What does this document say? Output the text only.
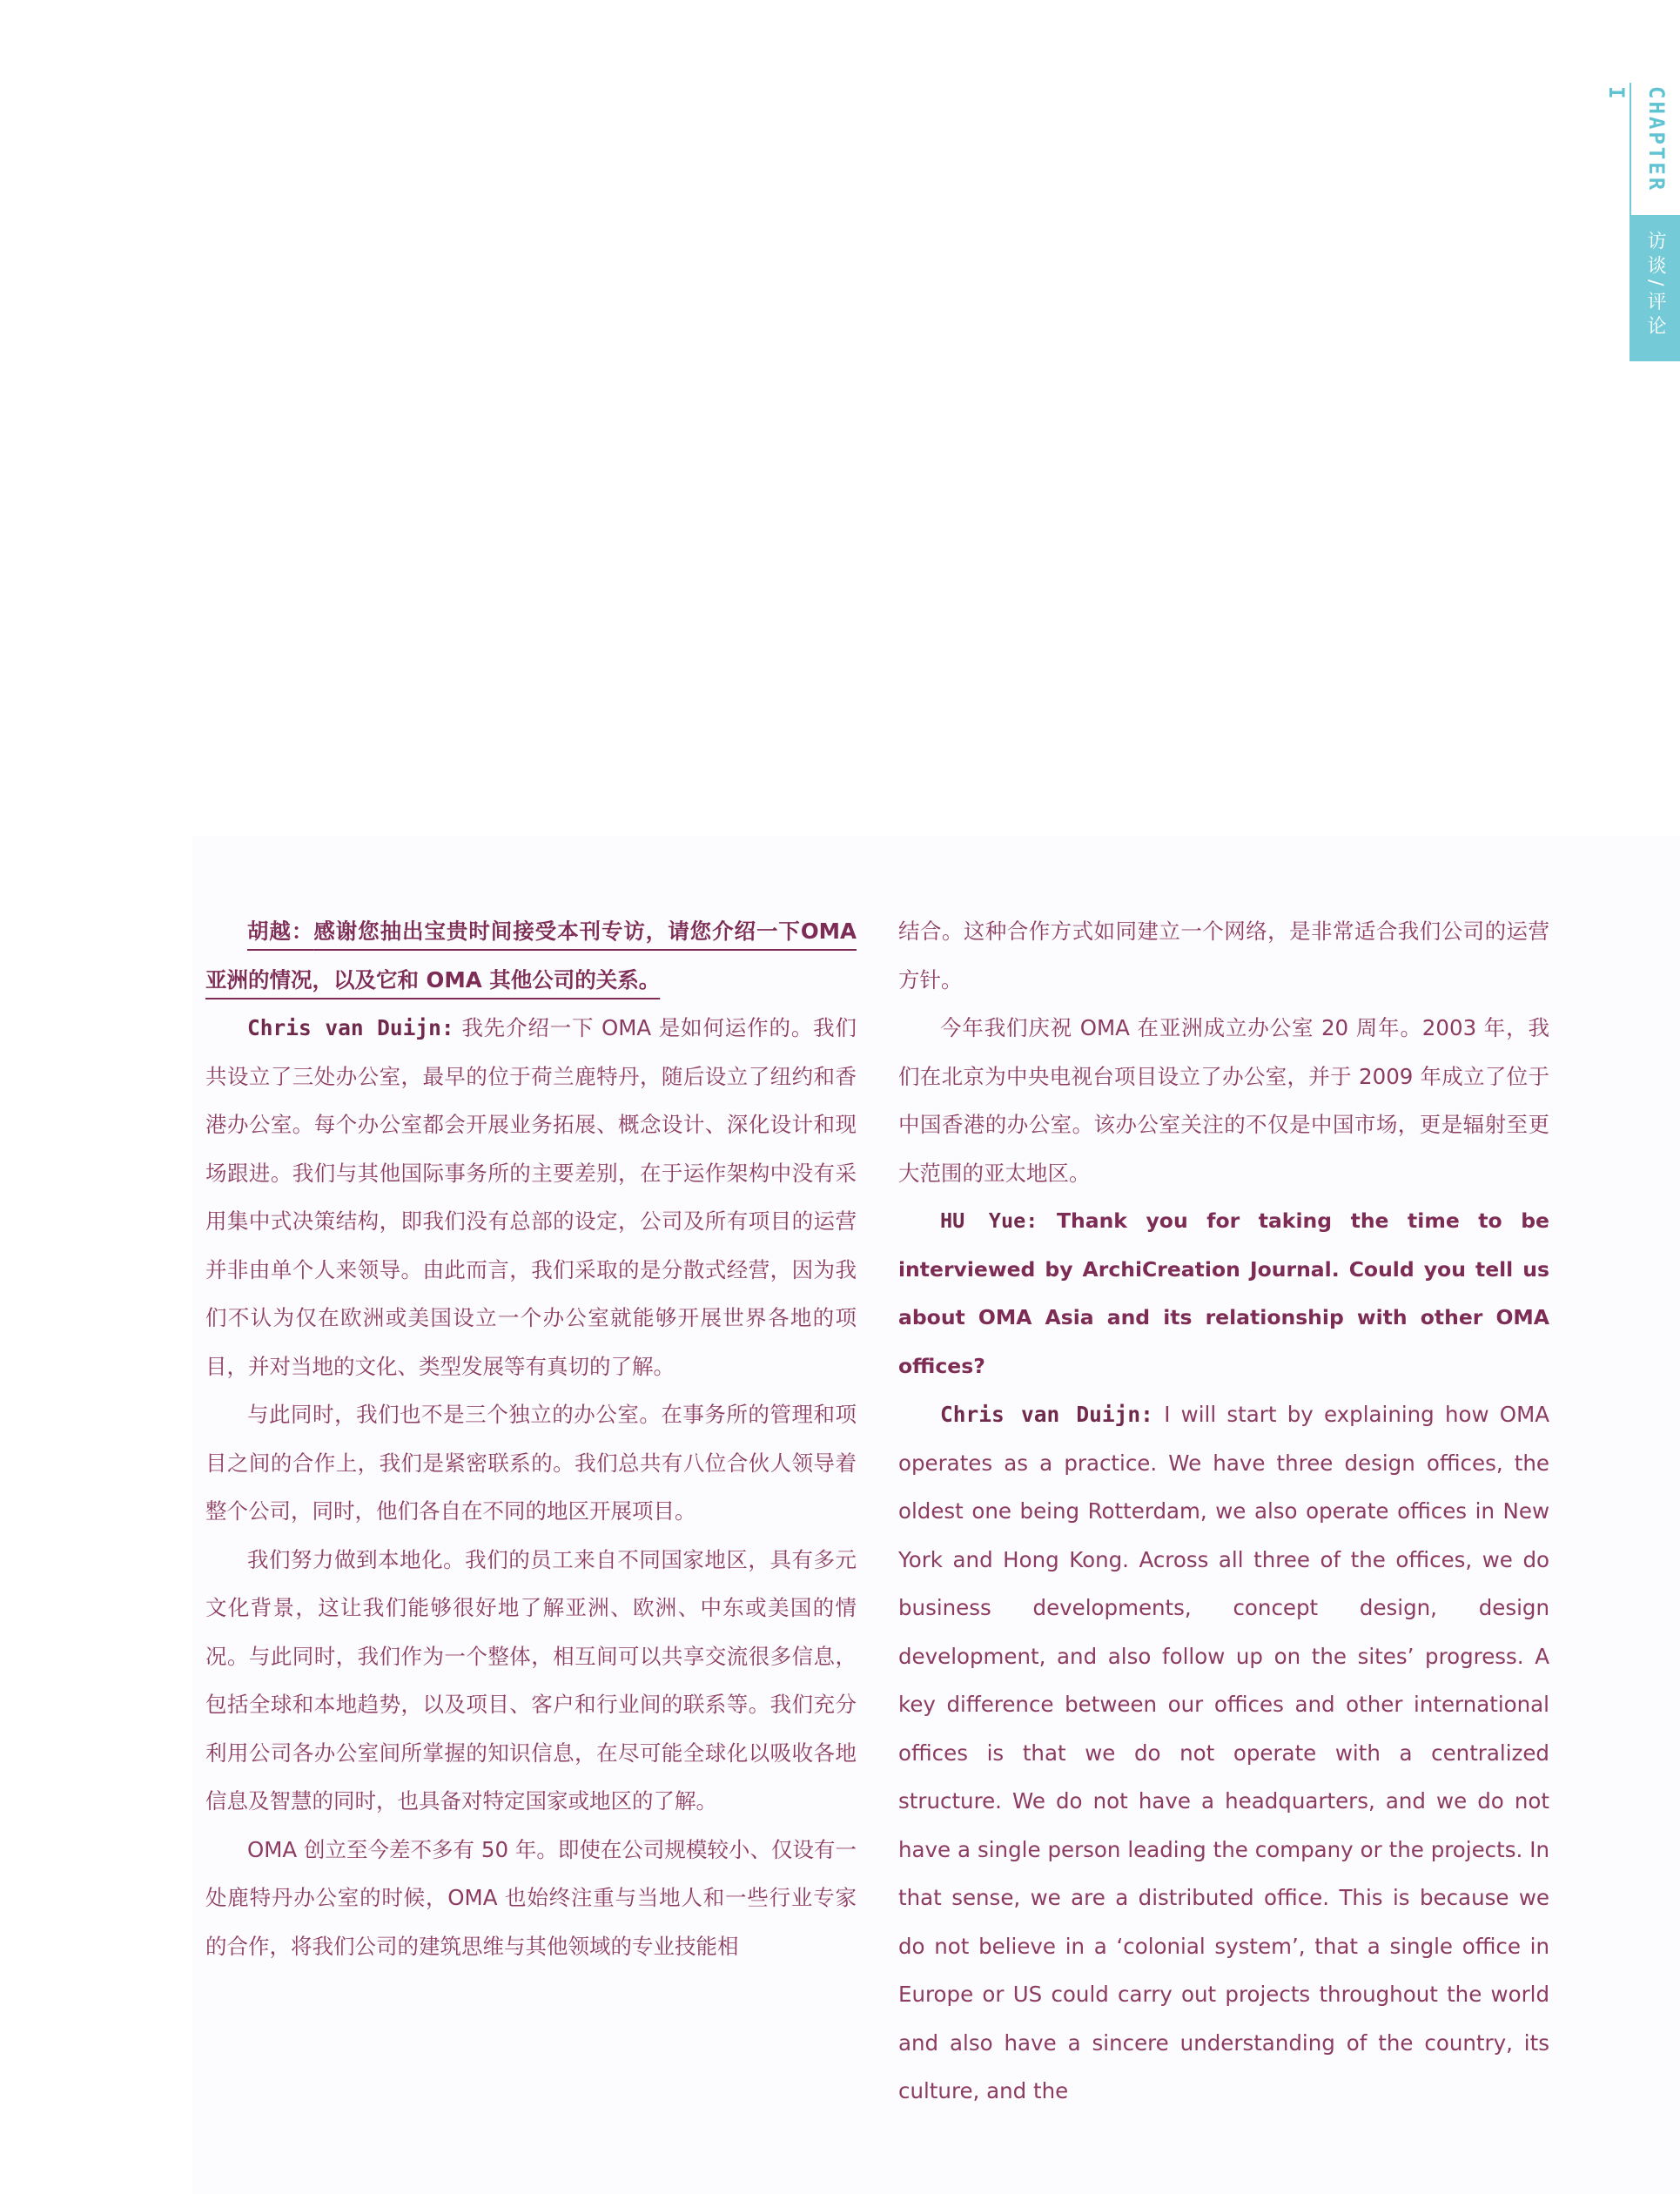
CHAPTER I
访谈/评论

胡越：感谢您抽出宝贵时间接受本刊专访，请您介绍一下OMA 亚洲的情况，以及它和 OMA 其他公司的关系。

Chris van Duijn: 我先介绍一下 OMA 是如何运作的。我们共设立了三处办公室，最早的位于荷兰鹿特丹，随后设立了纽约和香港办公室。每个办公室都会开展业务拓展、概念设计、深化设计和现场跟进。我们与其他国际事务所的主要差别，在于运作架构中没有采用集中式决策结构，即我们没有总部的设定，公司及所有项目的运营并非由单个人来领导。由此而言，我们采取的是分散式经营，因为我们不认为仅在欧洲或美国设立一个办公室就能够开展世界各地的项目，并对当地的文化、类型发展等有真切的了解。

与此同时，我们也不是三个独立的办公室。在事务所的管理和项目之间的合作上，我们是紧密联系的。我们总共有八位合伙人领导着整个公司，同时，他们各自在不同的地区开展项目。

我们努力做到本地化。我们的员工来自不同国家地区，具有多元文化背景，这让我们能够很好地了解亚洲、欧洲、中东或美国的情况。与此同时，我们作为一个整体，相互间可以共享交流很多信息，包括全球和本地趋势，以及项目、客户和行业间的联系等。我们充分利用公司各办公室间所掌握的知识信息，在尽可能全球化以吸收各地信息及智慧的同时，也具备对特定国家或地区的了解。

OMA 创立至今差不多有 50 年。即使在公司规模较小、仅设有一处鹿特丹办公室的时候，OMA 也始终注重与当地人和一些行业专家的合作，将我们公司的建筑思维与其他领域的专业技能相

结合。这种合作方式如同建立一个网络，是非常适合我们公司的运营方针。

今年我们庆祝 OMA 在亚洲成立办公室 20 周年。2003 年，我们在北京为中央电视台项目设立了办公室，并于 2009 年成立了位于中国香港的办公室。该办公室关注的不仅是中国市场，更是辐射至更大范围的亚太地区。

HU Yue: Thank you for taking the time to be interviewed by ArchiCreation Journal. Could you tell us about OMA Asia and its relationship with other OMA offices?

Chris van Duijn: I will start by explaining how OMA operates as a practice. We have three design offices, the oldest one being Rotterdam, we also operate offices in New York and Hong Kong. Across all three of the offices, we do business developments, concept design, design development, and also follow up on the sites’ progress. A key difference between our offices and other international offices is that we do not operate with a centralized structure. We do not have a headquarters, and we do not have a single person leading the company or the projects. In that sense, we are a distributed office. This is because we do not believe in a ‘colonial system’, that a single office in Europe or US could carry out projects throughout the world and also have a sincere understanding of the country, its culture, and the
